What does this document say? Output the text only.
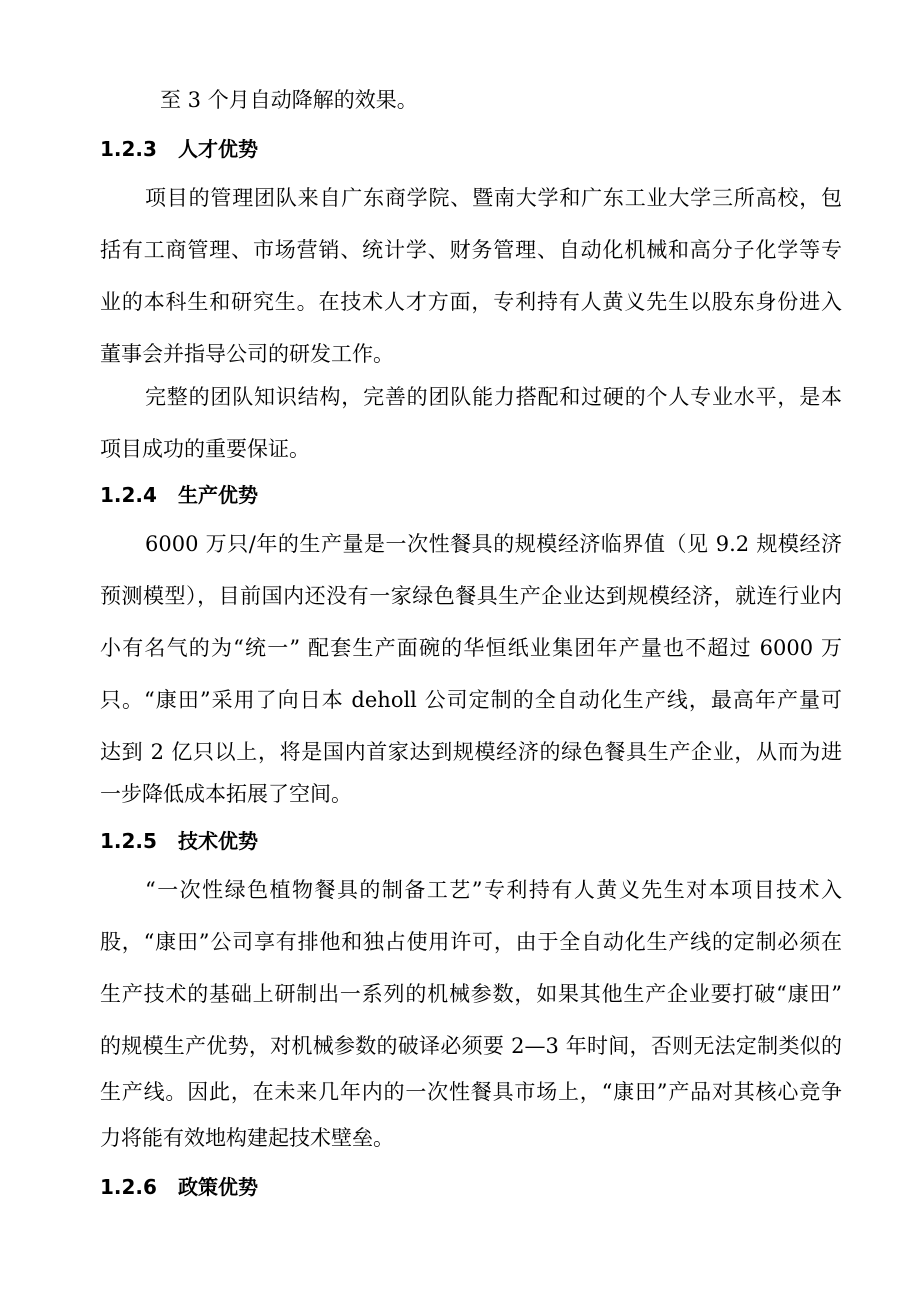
至 3 个月自动降解的效果。
1.2.3 人才优势
项目的管理团队来自广东商学院、暨南大学和广东工业大学三所高校，包
括有工商管理、市场营销、统计学、财务管理、自动化机械和高分子化学等专
业的本科生和研究生。在技术人才方面，专利持有人黄义先生以股东身份进入
董事会并指导公司的研发工作。
完整的团队知识结构，完善的团队能力搭配和过硬的个人专业水平，是本
项目成功的重要保证。
1.2.4 生产优势
6000 万只/年的生产量是一次性餐具的规模经济临界值（见 9.2 规模经济
预测模型），目前国内还没有一家绿色餐具生产企业达到规模经济，就连行业内
小有名气的为“统一” 配套生产面碗的华恒纸业集团年产量也不超过 6000 万
只。“康田”采用了向日本 deholl 公司定制的全自动化生产线，最高年产量可
达到 2 亿只以上，将是国内首家达到规模经济的绿色餐具生产企业，从而为进
一步降低成本拓展了空间。
1.2.5 技术优势
“一次性绿色植物餐具的制备工艺”专利持有人黄义先生对本项目技术入
股，“康田”公司享有排他和独占使用许可，由于全自动化生产线的定制必须在
生产技术的基础上研制出一系列的机械参数，如果其他生产企业要打破“康田”
的规模生产优势，对机械参数的破译必须要 2—3 年时间，否则无法定制类似的
生产线。因此，在未来几年内的一次性餐具市场上，“康田”产品对其核心竞争
力将能有效地构建起技术壁垒。
1.2.6 政策优势
